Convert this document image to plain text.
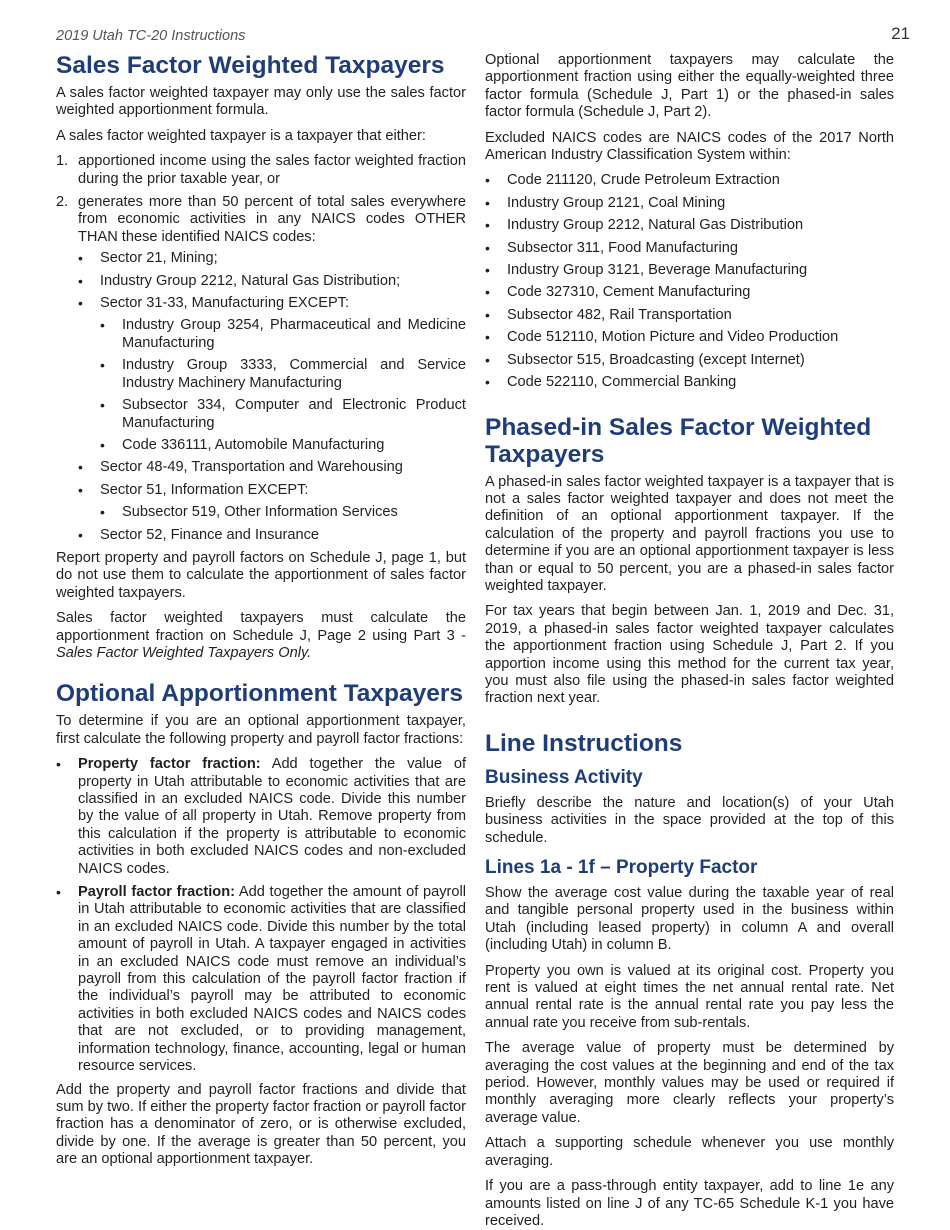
2019 Utah TC-20 Instructions	21
Sales Factor Weighted Taxpayers

A sales factor weighted taxpayer may only use the sales factor weighted apportionment formula.

A sales factor weighted taxpayer is a taxpayer that either:

1. apportioned income using the sales factor weighted fraction during the prior taxable year, or
2. generates more than 50 percent of total sales everywhere from economic activities in any NAICS codes OTHER THAN these identified NAICS codes:
• Sector 21, Mining;
• Industry Group 2212, Natural Gas Distribution;
• Sector 31-33, Manufacturing EXCEPT:
• Industry Group 3254, Pharmaceutical and Medicine Manufacturing
• Industry Group 3333, Commercial and Service Industry Machinery Manufacturing
• Subsector 334, Computer and Electronic Product Manufacturing
• Code 336111, Automobile Manufacturing
• Sector 48-49, Transportation and Warehousing
• Sector 51, Information EXCEPT:
• Subsector 519, Other Information Services
• Sector 52, Finance and Insurance

Report property and payroll factors on Schedule J, page 1, but do not use them to calculate the apportionment of sales factor weighted taxpayers.

Sales factor weighted taxpayers must calculate the apportionment fraction on Schedule J, Page 2 using Part 3 - Sales Factor Weighted Taxpayers Only.

Optional Apportionment Taxpayers

To determine if you are an optional apportionment taxpayer, first calculate the following property and payroll factor fractions:

• Property factor fraction: Add together the value of property in Utah attributable to economic activities that are classified in an excluded NAICS code. Divide this number by the value of all property in Utah. Remove property from this calculation if the property is attributable to economic activities in both excluded NAICS codes and non-excluded NAICS codes.
• Payroll factor fraction: Add together the amount of payroll in Utah attributable to economic activities that are classified in an excluded NAICS code. Divide this number by the total amount of payroll in Utah. A taxpayer engaged in activities in an excluded NAICS code must remove an individual’s payroll from this calculation of the payroll factor fraction if the individual’s payroll may be attributed to economic activities in both excluded NAICS codes and NAICS codes that are not excluded, or to providing management, information technology, finance, accounting, legal or human resource services.

Add the property and payroll factor fractions and divide that sum by two. If either the property factor fraction or payroll factor fraction has a denominator of zero, or is otherwise excluded, divide by one. If the average is greater than 50 percent, you are an optional apportionment taxpayer.

Optional apportionment taxpayers may calculate the apportionment fraction using either the equally-weighted three factor formula (Schedule J, Part 1) or the phased-in sales factor formula (Schedule J, Part 2).

Excluded NAICS codes are NAICS codes of the 2017 North American Industry Classification System within:

• Code 211120, Crude Petroleum Extraction
• Industry Group 2121, Coal Mining
• Industry Group 2212, Natural Gas Distribution
• Subsector 311, Food Manufacturing
• Industry Group 3121, Beverage Manufacturing
• Code 327310, Cement Manufacturing
• Subsector 482, Rail Transportation
• Code 512110, Motion Picture and Video Production
• Subsector 515, Broadcasting (except Internet)
• Code 522110, Commercial Banking
Phased-in Sales Factor Weighted Taxpayers

A phased-in sales factor weighted taxpayer is a taxpayer that is not a sales factor weighted taxpayer and does not meet the definition of an optional apportionment taxpayer. If the calculation of the property and payroll fractions you use to determine if you are an optional apportionment taxpayer is less than or equal to 50 percent, you are a phased-in sales factor weighted taxpayer.

For tax years that begin between Jan. 1, 2019 and Dec. 31, 2019, a phased-in sales factor weighted taxpayer calculates the apportionment fraction using Schedule J, Part 2. If you apportion income using this method for the current tax year, you must also file using the phased-in sales factor weighted fraction next year.

Line Instructions
Business Activity

Briefly describe the nature and location(s) of your Utah business activities in the space provided at the top of this schedule.

Lines 1a - 1f – Property Factor

Show the average cost value during the taxable year of real and tangible personal property used in the business within Utah (including leased property) in column A and overall (including Utah) in column B.

Property you own is valued at its original cost. Property you rent is valued at eight times the net annual rental rate. Net annual rental rate is the annual rental rate you pay less the annual rate you receive from sub-rentals.

The average value of property must be determined by averaging the cost values at the beginning and end of the tax period. However, monthly values may be used or required if monthly averaging more clearly reflects your property’s average value.

Attach a supporting schedule whenever you use monthly averaging.

If you are a pass-through entity taxpayer, add to line 1e any amounts listed on line J of any TC-65 Schedule K-1 you have received.
